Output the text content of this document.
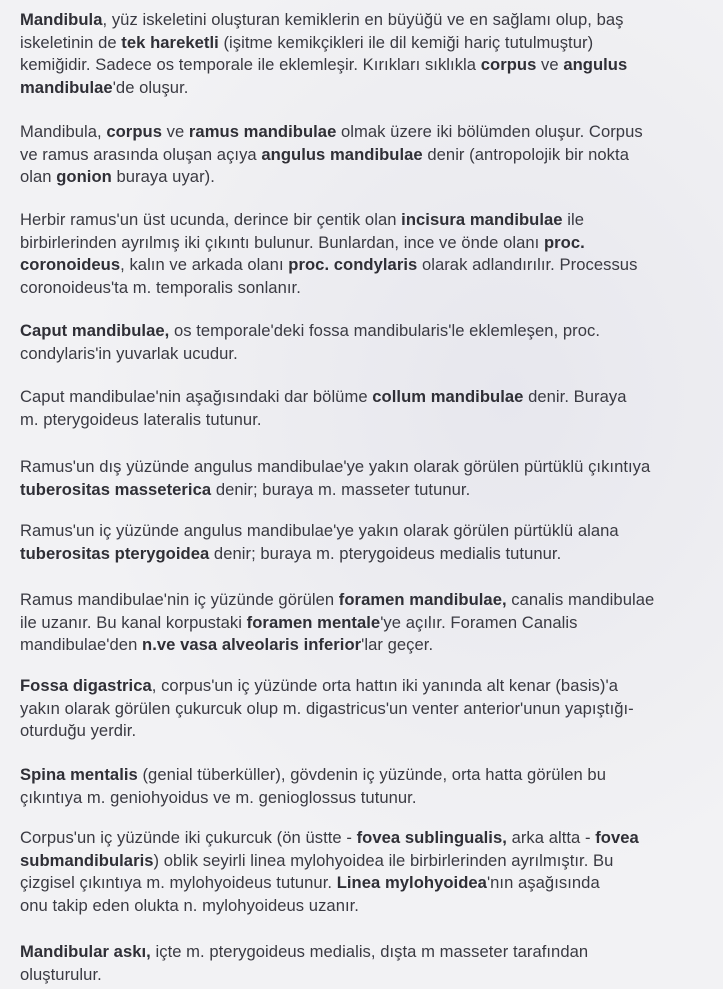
Mandibula, yüz iskeletini oluşturan kemiklerin en büyüğü ve en sağlamı olup, baş
iskeletinin de tek hareketli (işitme kemikçikleri ile dil kemiği hariç tutulmuştur)
kemiğidir. Sadece os temporale ile eklemleşir. Kırıkları sıklıkla corpus ve angulus
mandibulae'de oluşur.

Mandibula, corpus ve ramus mandibulae olmak üzere iki bölümden oluşur. Corpus
ve ramus arasında oluşan açıya angulus mandibulae denir (antropolojik bir nokta
olan gonion buraya uyar).

Herbir ramus'un üst ucunda, derince bir çentik olan incisura mandibulae ile
birbirlerinden ayrılmış iki çıkıntı bulunur. Bunlardan, ince ve önde olanı proc.
coronoideus, kalın ve arkada olanı proc. condylaris olarak adlandırılır. Processus
coronoideus'ta m. temporalis sonlanır.

Caput mandibulae, os temporale'deki fossa mandibularis'le eklemleşen, proc.
condylaris'in yuvarlak ucudur.

Caput mandibulae'nin aşağısındaki dar bölüme collum mandibulae denir. Buraya
m. pterygoideus lateralis tutunur.

Ramus'un dış yüzünde angulus mandibulae'ye yakın olarak görülen pürtüklü çıkıntıya
tuberositas masseterica denir; buraya m. masseter tutunur.

Ramus'un iç yüzünde angulus mandibulae'ye yakın olarak görülen pürtüklü alana
tuberositas pterygoidea denir; buraya m. pterygoideus medialis tutunur.

Ramus mandibulae'nin iç yüzünde görülen foramen mandibulae, canalis mandibulae
ile uzanır. Bu kanal korpustaki foramen mentale'ye açılır. Foramen Canalis
mandibulae'den n.ve vasa alveolaris inferior'lar geçer.

Fossa digastrica, corpus'un iç yüzünde orta hattın iki yanında alt kenar (basis)'a
yakın olarak görülen çukurcuk olup m. digastricus'un venter anterior'unun yapıştığı-
oturduğu yerdir.

Spina mentalis (genial tüberküller), gövdenin iç yüzünde, orta hatta görülen bu
çıkıntıya m. geniohyoidus ve m. genioglossus tutunur.

Corpus'un iç yüzünde iki çukurcuk (ön üstte - fovea sublingualis, arka altta - fovea
submandibularis) oblik seyirli linea mylohyoidea ile birbirlerinden ayrılmıştır. Bu
çizgisel çıkıntıya m. mylohyoideus tutunur. Linea mylohyoidea'nın aşağısında
onu takip eden olukta n. mylohyoideus uzanır.

Mandibular askı, içte m. pterygoideus medialis, dışta m masseter tarafından
oluşturulur.
